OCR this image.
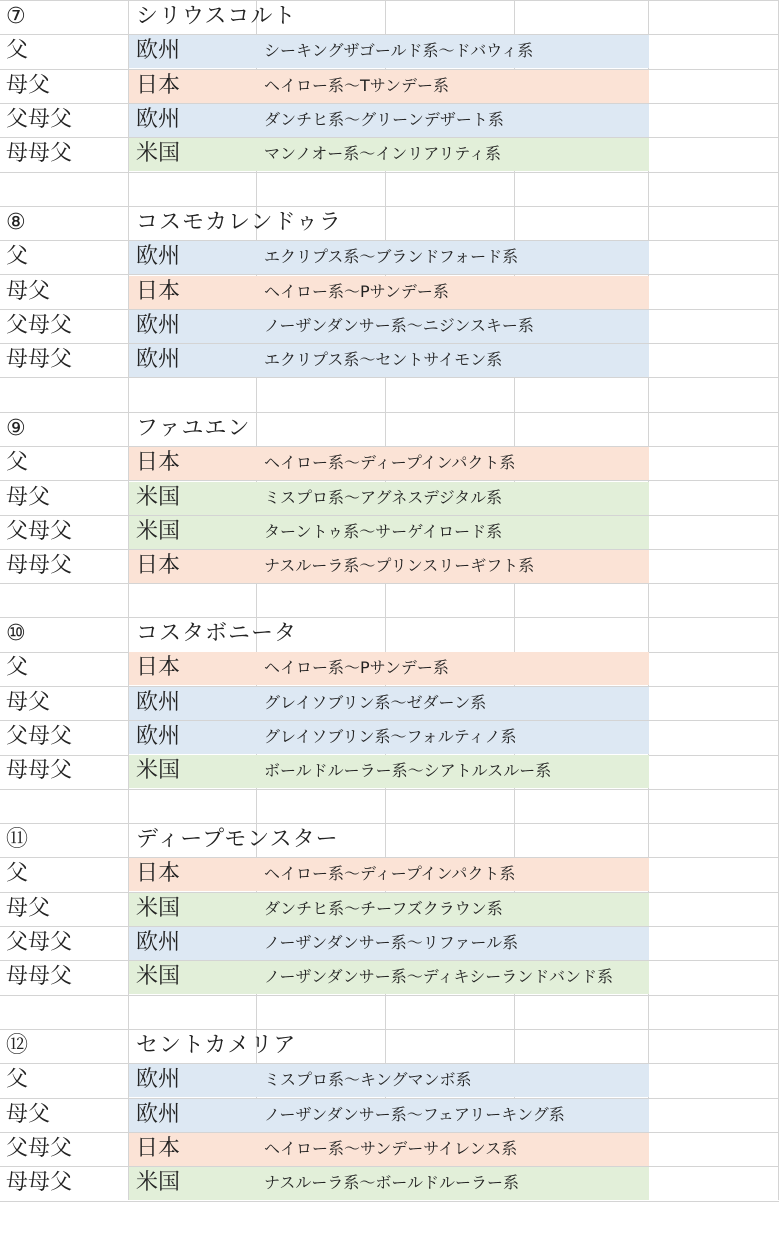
⑦	シリウスコルト
父	欧州	シーキングザゴールド系〜ドバウィ系
母父	日本	ヘイロー系〜Tサンデー系
父母父	欧州	ダンチヒ系〜グリーンデザート系
母母父	米国	マンノオー系〜インリアリティ系
⑧	コスモカレンドゥラ
父	欧州	エクリプス系〜ブランドフォード系
母父	日本	ヘイロー系〜Pサンデー系
父母父	欧州	ノーザンダンサー系〜ニジンスキー系
母母父	欧州	エクリプス系〜セントサイモン系
⑨	ファユエン
父	日本	ヘイロー系〜ディープインパクト系
母父	米国	ミスプロ系〜アグネスデジタル系
父母父	米国	ターントゥ系〜サーゲイロード系
母母父	日本	ナスルーラ系〜プリンスリーギフト系
⑩	コスタボニータ
父	日本	ヘイロー系〜Pサンデー系
母父	欧州	グレイソブリン系〜ゼダーン系
父母父	欧州	グレイソブリン系〜フォルティノ系
母母父	米国	ボールドルーラー系〜シアトルスルー系
⑪	ディープモンスター
父	日本	ヘイロー系〜ディープインパクト系
母父	米国	ダンチヒ系〜チーフズクラウン系
父母父	欧州	ノーザンダンサー系〜リファール系
母母父	米国	ノーザンダンサー系〜ディキシーランドバンド系
⑫	セントカメリア
父	欧州	ミスプロ系〜キングマンボ系
母父	欧州	ノーザンダンサー系〜フェアリーキング系
父母父	日本	ヘイロー系〜サンデーサイレンス系
母母父	米国	ナスルーラ系〜ボールドルーラー系
